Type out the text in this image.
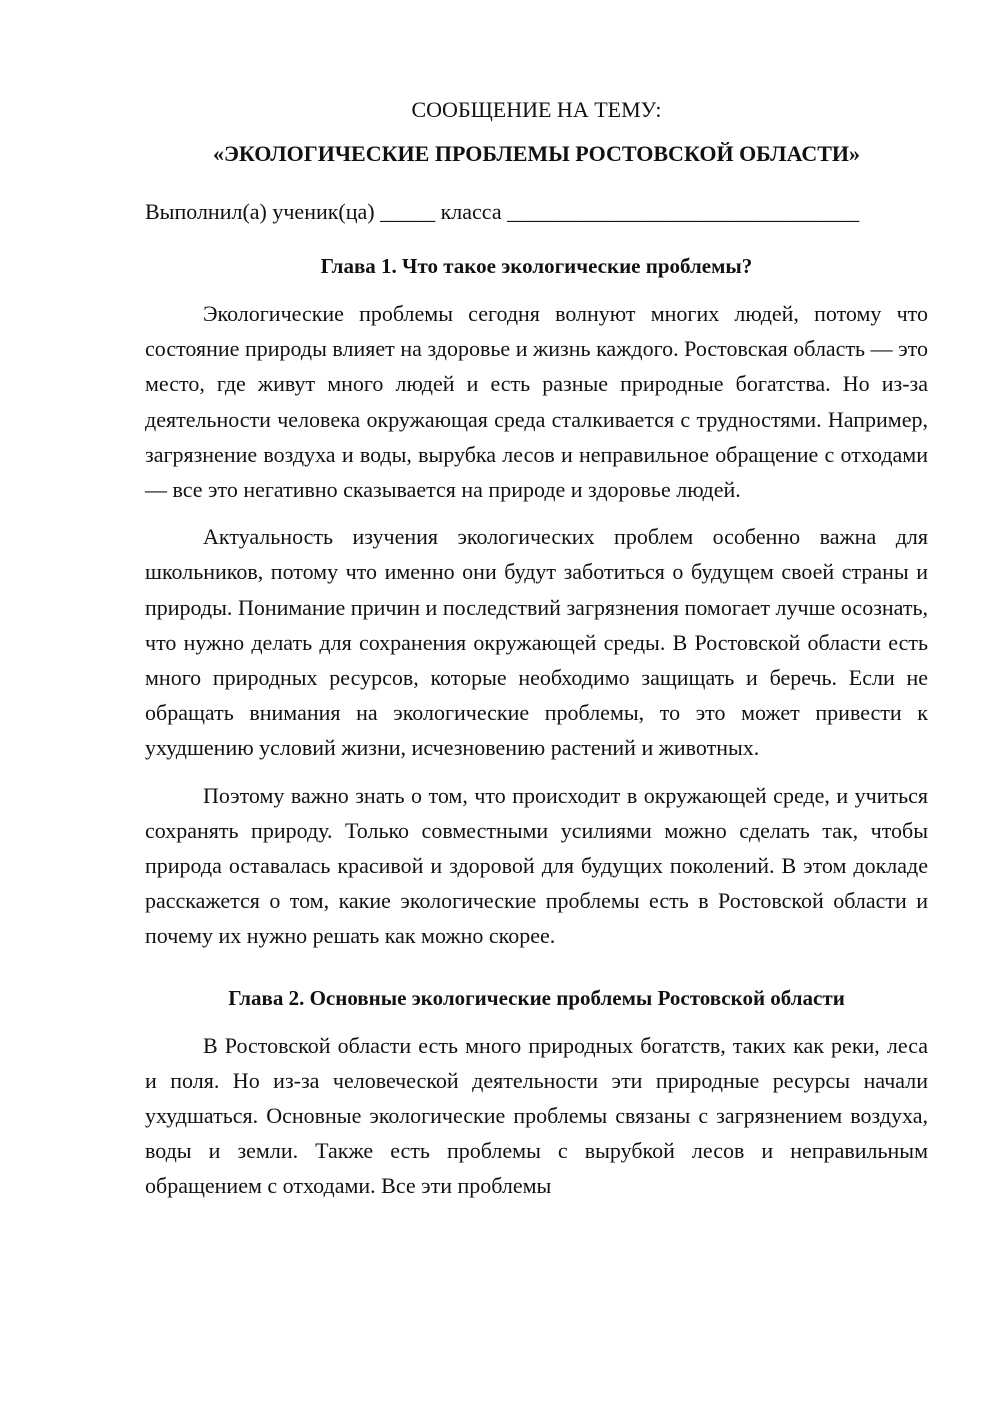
СООБЩЕНИЕ НА ТЕМУ:

«ЭКОЛОГИЧЕСКИЕ ПРОБЛЕМЫ РОСТОВСКОЙ ОБЛАСТИ»

Выполнил(а) ученик(ца) _____ класса ________________________________
Глава 1. Что такое экологические проблемы?

Экологические проблемы сегодня волнуют многих людей, потому что состояние природы влияет на здоровье и жизнь каждого. Ростовская область — это место, где живут много людей и есть разные природные богатства. Но из-за деятельности человека окружающая среда сталкивается с трудностями. Например, загрязнение воздуха и воды, вырубка лесов и неправильное обращение с отходами — все это негативно сказывается на природе и здоровье людей.

Актуальность изучения экологических проблем особенно важна для школьников, потому что именно они будут заботиться о будущем своей страны и природы. Понимание причин и последствий загрязнения помогает лучше осознать, что нужно делать для сохранения окружающей среды. В Ростовской области есть много природных ресурсов, которые необходимо защищать и беречь. Если не обращать внимания на экологические проблемы, то это может привести к ухудшению условий жизни, исчезновению растений и животных.

Поэтому важно знать о том, что происходит в окружающей среде, и учиться сохранять природу. Только совместными усилиями можно сделать так, чтобы природа оставалась красивой и здоровой для будущих поколений. В этом докладе расскажется о том, какие экологические проблемы есть в Ростовской области и почему их нужно решать как можно скорее.

Глава 2. Основные экологические проблемы Ростовской области

В Ростовской области есть много природных богатств, таких как реки, леса и поля. Но из-за человеческой деятельности эти природные ресурсы начали ухудшаться. Основные экологические проблемы связаны с загрязнением воздуха, воды и земли. Также есть проблемы с вырубкой лесов и неправильным обращением с отходами. Все эти проблемы
